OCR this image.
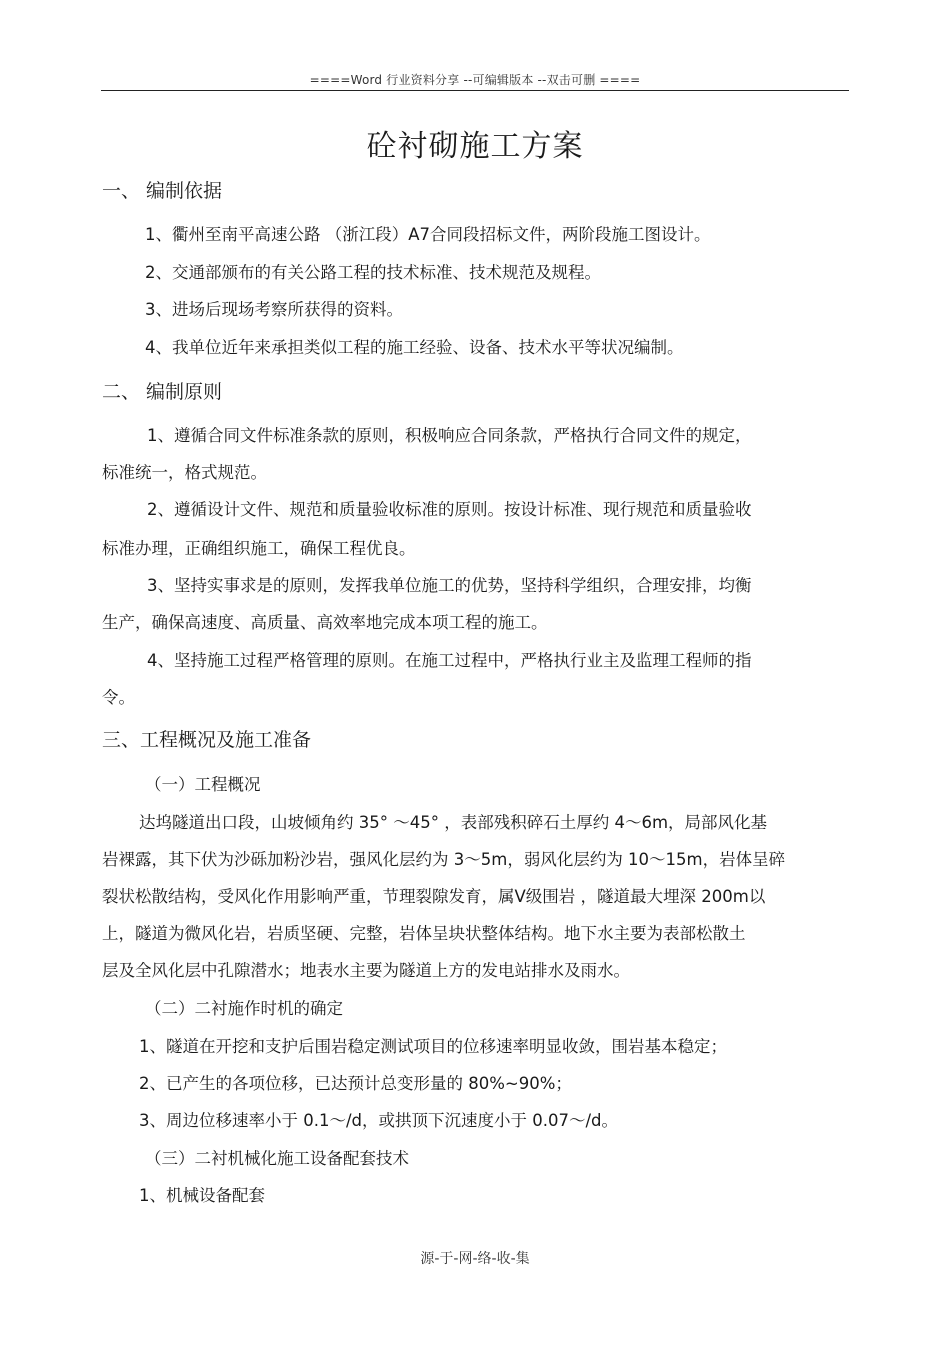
====Word 行业资料分享 --可编辑版本 --双击可删 ====
砼衬砌施工方案
一、 编制依据
1、衢州至南平高速公路 （浙江段）A7合同段招标文件，两阶段施工图设计。
2、交通部颁布的有关公路工程的技术标准、技术规范及规程。
3、进场后现场考察所获得的资料。
4、我单位近年来承担类似工程的施工经验、设备、技术水平等状况编制。
二、 编制原则
1、遵循合同文件标准条款的原则，积极响应合同条款，严格执行合同文件的规定，
标准统一，格式规范。
2、遵循设计文件、规范和质量验收标准的原则。按设计标准、现行规范和质量验收
标准办理，正确组织施工，确保工程优良。
3、坚持实事求是的原则，发挥我单位施工的优势，坚持科学组织，合理安排，均衡
生产，确保高速度、高质量、高效率地完成本项工程的施工。
4、坚持施工过程严格管理的原则。在施工过程中，严格执行业主及监理工程师的指
令。
三、工程概况及施工准备
（一）工程概况
达坞隧道出口段，山坡倾角约 35° ～45° ，表部残积碎石土厚约 4～6m，局部风化基
岩裸露，其下伏为沙砾加粉沙岩，强风化层约为 3～5m，弱风化层约为 10～15m，岩体呈碎
裂状松散结构，受风化作用影响严重，节理裂隙发育，属Ⅴ级围岩 ，隧道最大埋深 200m以
上，隧道为微风化岩，岩质坚硬、完整，岩体呈块状整体结构。地下水主要为表部松散土
层及全风化层中孔隙潜水；地表水主要为隧道上方的发电站排水及雨水。
（二）二衬施作时机的确定
1、隧道在开挖和支护后围岩稳定测试项目的位移速率明显收敛，围岩基本稳定；
2、已产生的各项位移，已达预计总变形量的 80%~90%；
3、周边位移速率小于 0.1～/d，或拱顶下沉速度小于 0.07～/d。
（三）二衬机械化施工设备配套技术
1、机械设备配套
源-于-网-络-收-集
